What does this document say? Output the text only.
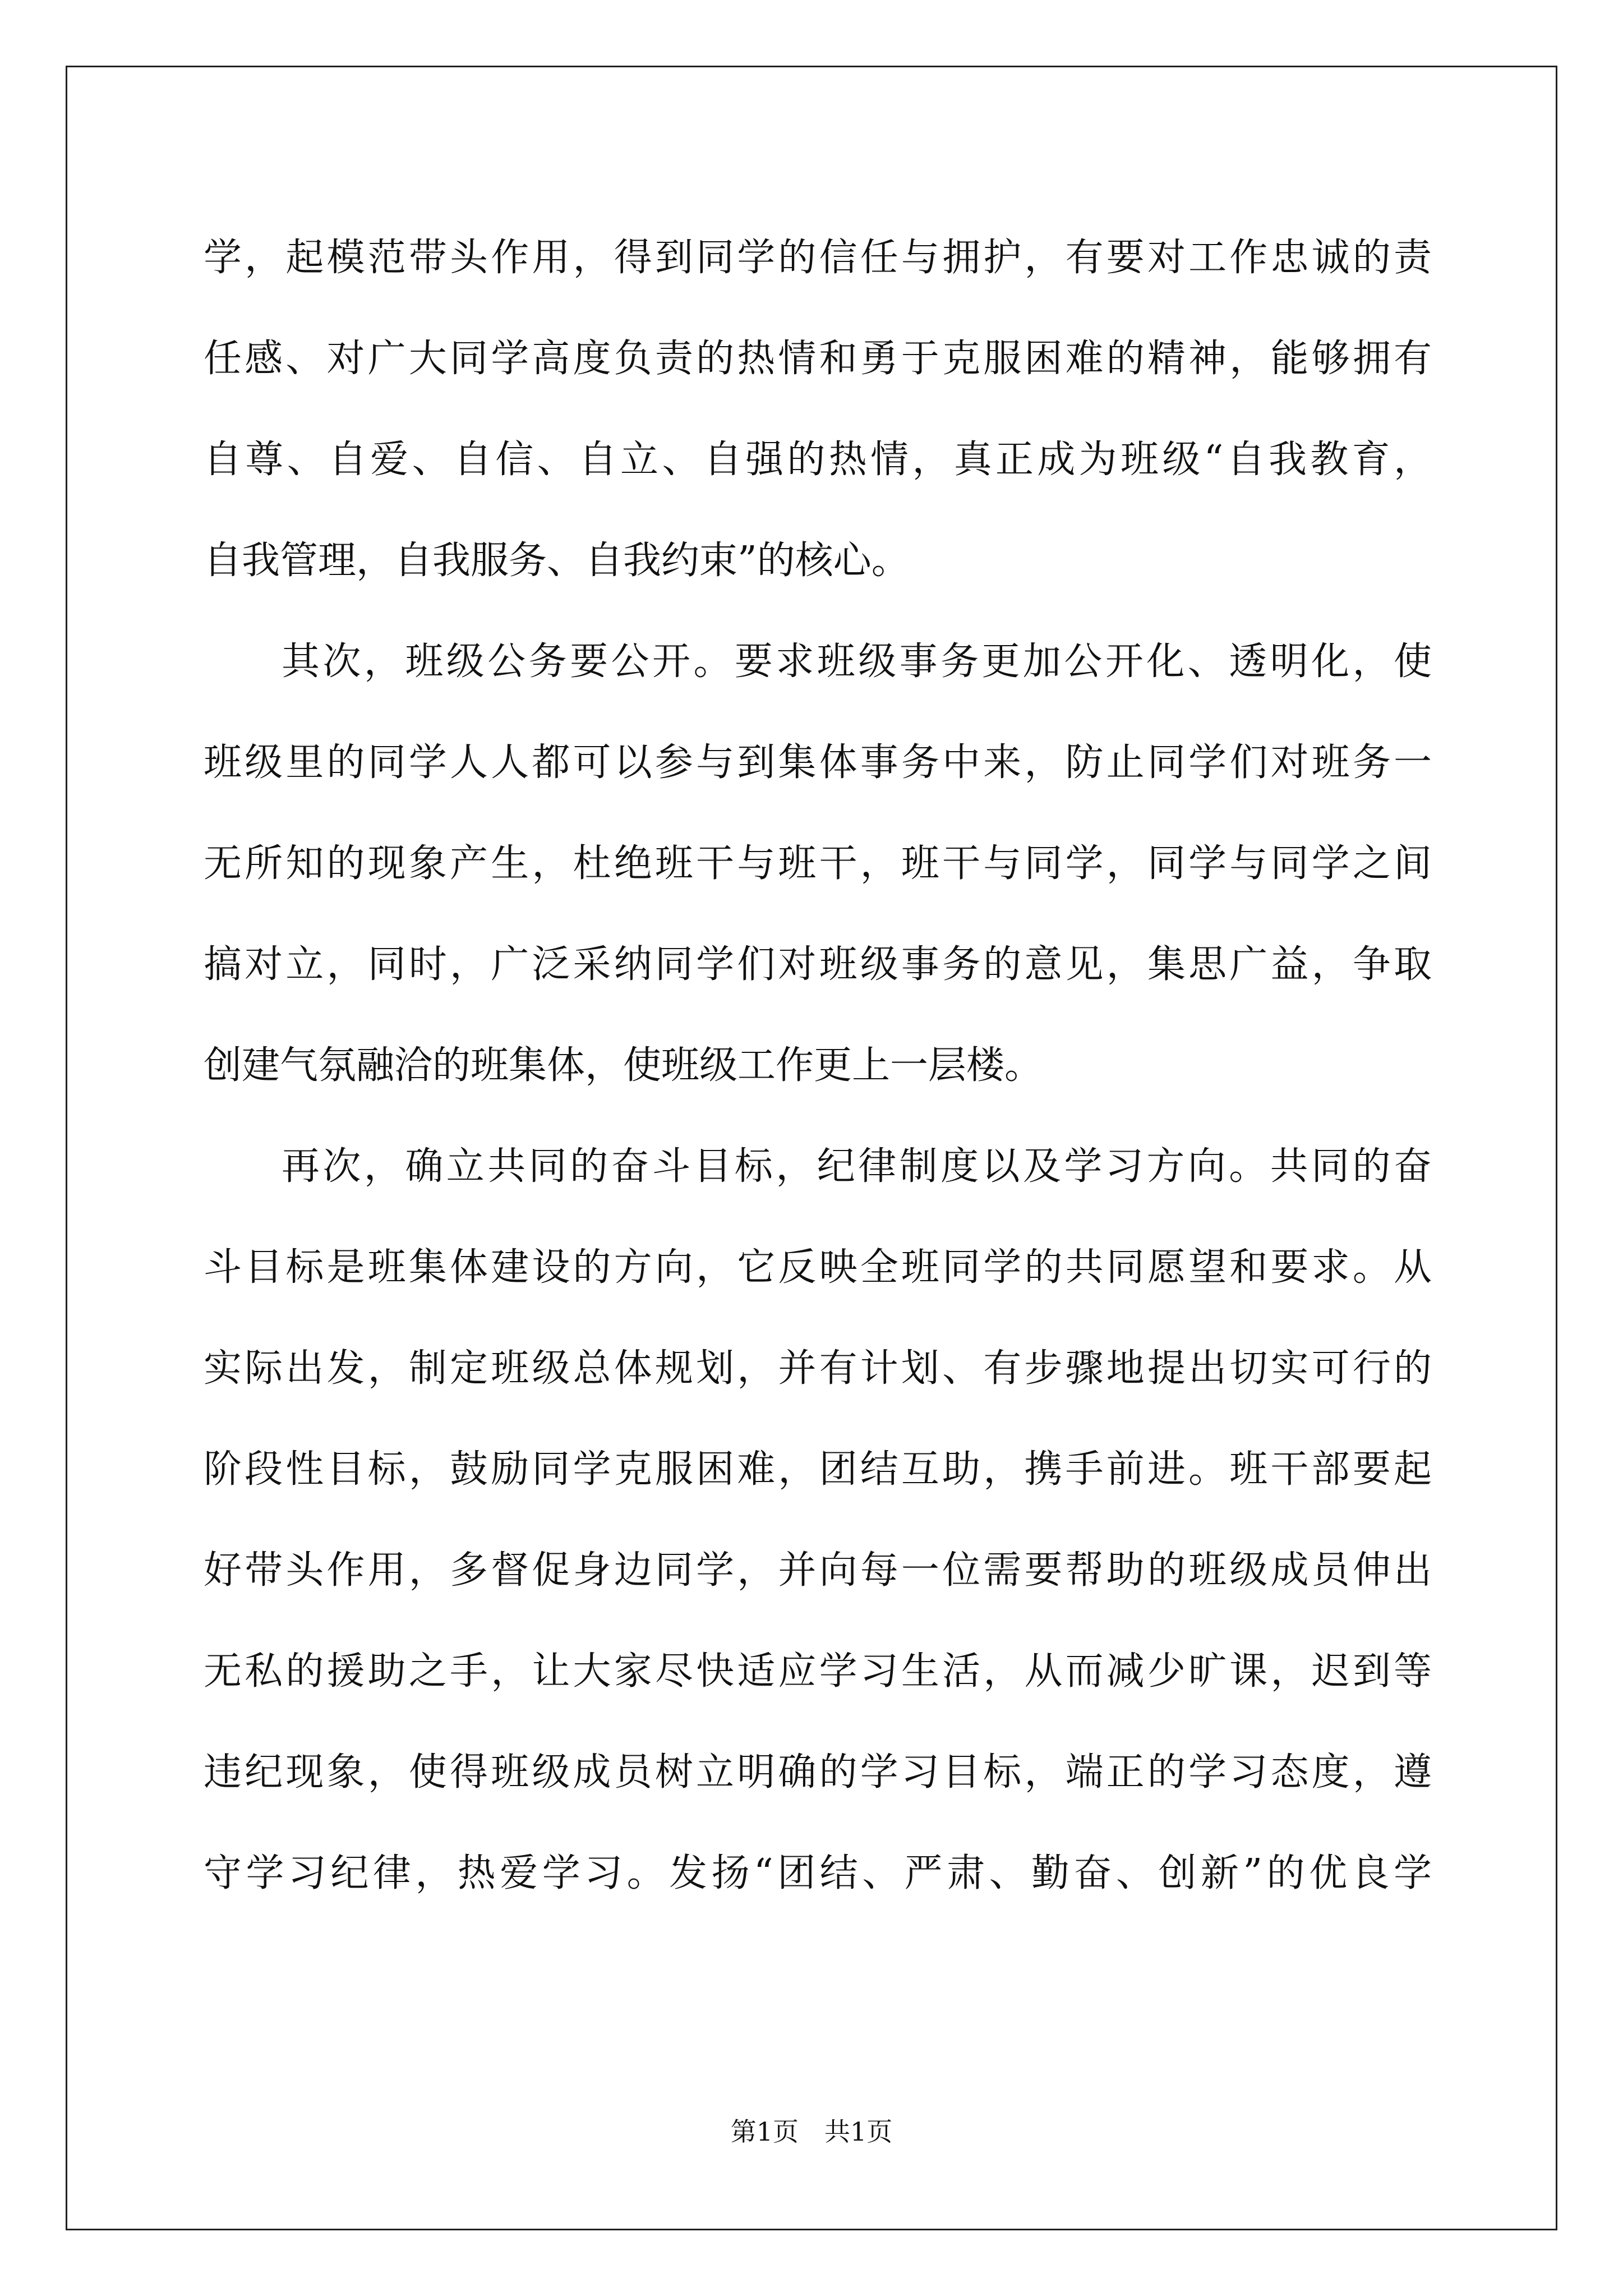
学，起模范带头作用，得到同学的信任与拥护，有要对工作忠诚的责
任感、对广大同学高度负责的热情和勇于克服困难的精神，能够拥有
自尊、自爱、自信、自立、自强的热情，真正成为班级“自我教育，
自我管理，自我服务、自我约束”的核心。
其次，班级公务要公开。要求班级事务更加公开化、透明化，使
班级里的同学人人都可以参与到集体事务中来，防止同学们对班务一
无所知的现象产生，杜绝班干与班干，班干与同学，同学与同学之间
搞对立，同时，广泛采纳同学们对班级事务的意见，集思广益，争取
创建气氛融洽的班集体，使班级工作更上一层楼。
再次，确立共同的奋斗目标，纪律制度以及学习方向。共同的奋
斗目标是班集体建设的方向，它反映全班同学的共同愿望和要求。从
实际出发，制定班级总体规划，并有计划、有步骤地提出切实可行的
阶段性目标，鼓励同学克服困难，团结互助，携手前进。班干部要起
好带头作用，多督促身边同学，并向每一位需要帮助的班级成员伸出
无私的援助之手，让大家尽快适应学习生活，从而减少旷课，迟到等
违纪现象，使得班级成员树立明确的学习目标，端正的学习态度，遵
守学习纪律，热爱学习。发扬“团结、严肃、勤奋、创新”的优良学
第1页　共1页
